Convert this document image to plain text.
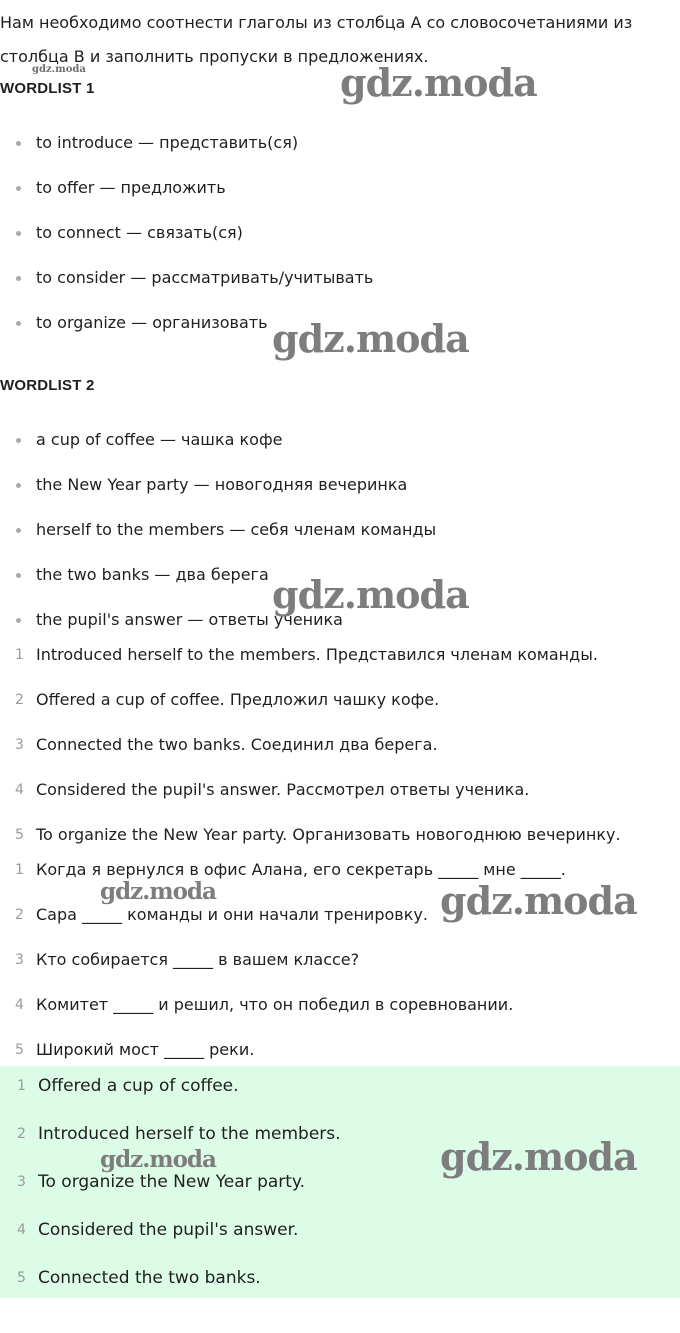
Нам необходимо соотнести глаголы из столбца А со словосочетаниями из столбца В и заполнить пропуски в предложениях.

gdz.moda	gdz.moda
WORDLIST 1
to introduce — представить(ся)
to offer — предложить
to connect — связать(ся)
to consider — рассматривать/учитывать
to organize — организовать gdz.moda
WORDLIST 2
a cup of coffee — чашка кофе
the New Year party — новогодняя вечеринка
herself to the members — себя членам команды
the two banks — два берега
the pupil's answer — ответы ученика
gdz.moda
1 Introduced herself to the members. Представился членам команды.
2 Offered a cup of coffee. Предложил чашку кофе.
3 Connected the two banks. Соединил два берега.
4 Considered the pupil's answer. Рассмотрел ответы ученика.
5 To organize the New Year party. Организовать новогоднюю вечеринку.
1 Когда я вернулся в офис Алана, его секретарь _____ мне _____.
2 Сара _____ команды и они начали тренировку.
3 Кто собирается _____ в вашем классе?
4 Комитет _____ и решил, что он победил в соревновании.
5 Широкий мост _____ реки.
gdz.moda	gdz.moda
1 Offered a cup of coffee.
2 Introduced herself to the members.
3 To organize the New Year party.
4 Considered the pupil's answer.
5 Connected the two banks.
gdz.moda	gdz.moda
